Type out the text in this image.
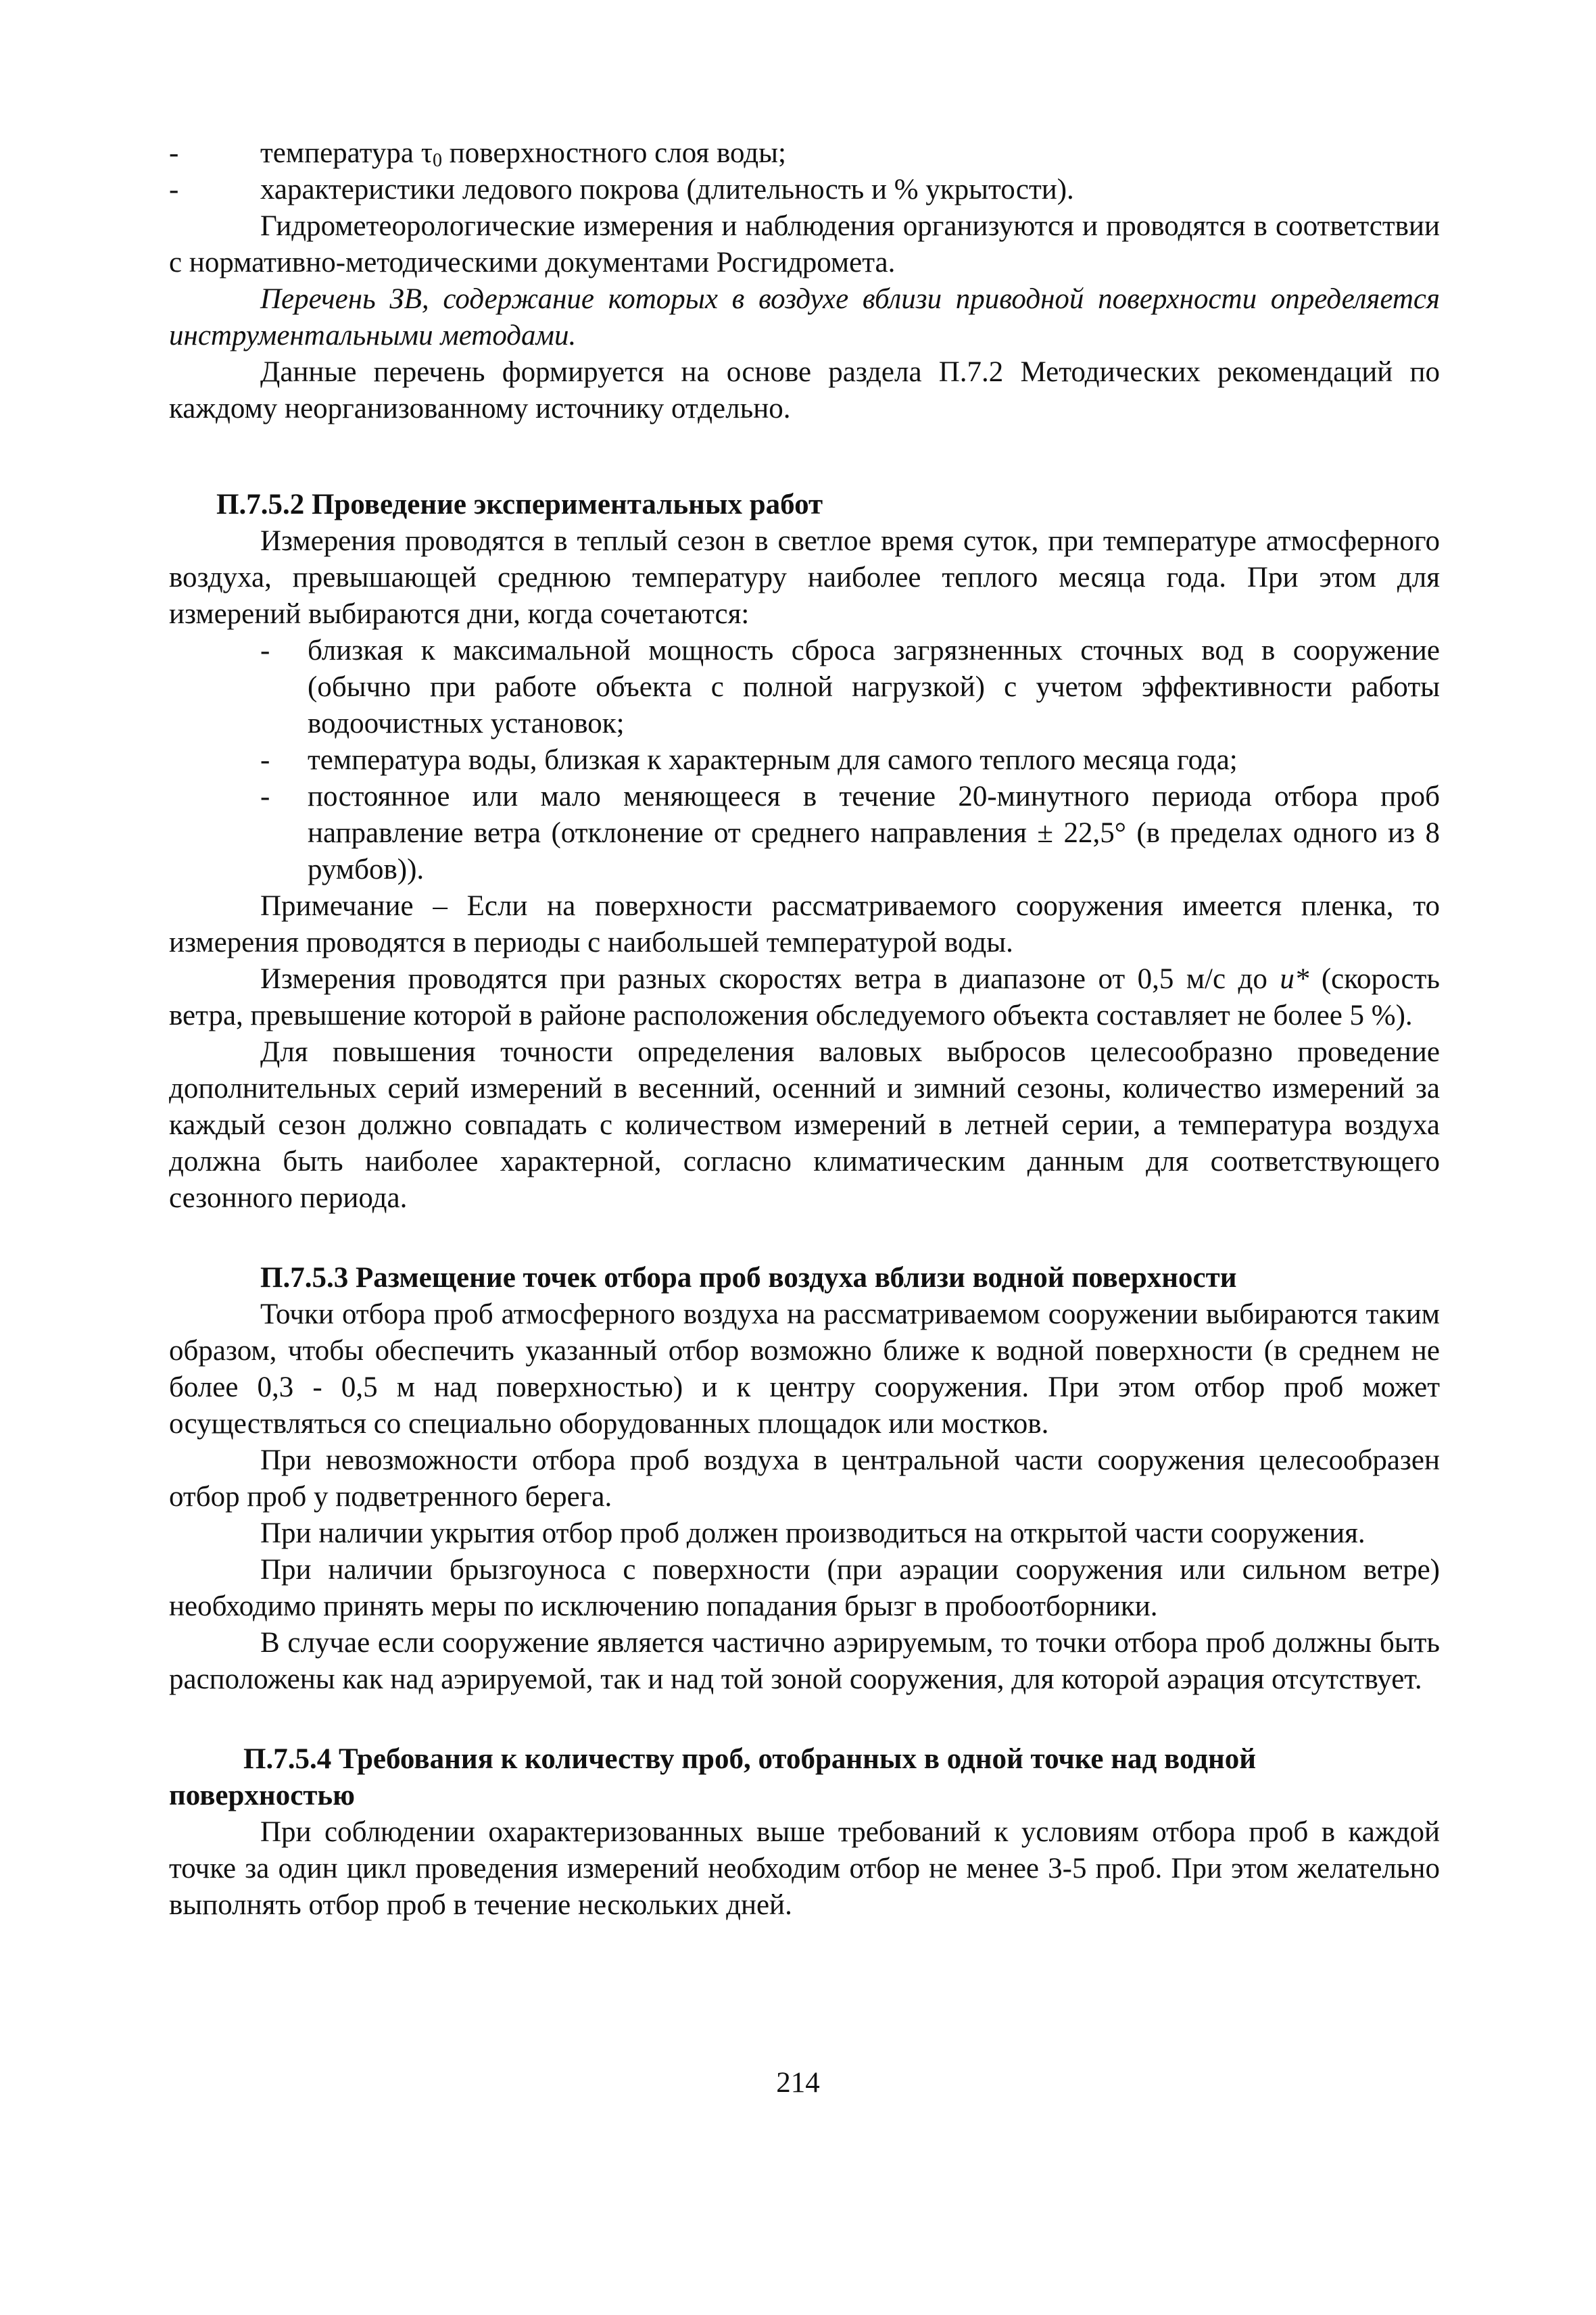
-	температура $\tau_0$ поверхностного слоя воды;

-	характеристики ледового покрова (длительность и % укрытости).

Гидрометеорологические измерения и наблюдения организуются и проводятся в соответствии с нормативно-методическими документами Росгидромета.

Перечень ЗВ, содержание которых в воздухе вблизи приводной поверхности определяется инструментальными методами.

Данные перечень формируется на основе раздела П.7.2 Методических рекомендаций по каждому неорганизованному источнику отдельно.

П.7.5.2 Проведение экспериментальных работ

Измерения проводятся в теплый сезон в светлое время суток, при температуре атмосферного воздуха, превышающей среднюю температуру наиболее теплого месяца года. При этом для измерений выбираются дни, когда сочетаются:

- близкая к максимальной мощность сброса загрязненных сточных вод в сооружение (обычно при работе объекта с полной нагрузкой) с учетом эффективности работы водоочистных установок;

- температура воды, близкая к характерным для самого теплого месяца года;

- постоянное или мало меняющееся в течение 20-минутного периода отбора проб направление ветра (отклонение от среднего направления ± 22,5° (в пределах одного из 8 румбов)).

Примечание – Если на поверхности рассматриваемого сооружения имеется пленка, то измерения проводятся в периоды с наибольшей температурой воды.

Измерения проводятся при разных скоростях ветра в диапазоне от 0,5 м/с до u* (скорость ветра, превышение которой в районе расположения обследуемого объекта составляет не более 5 %).

Для повышения точности определения валовых выбросов целесообразно проведение дополнительных серий измерений в весенний, осенний и зимний сезоны, количество измерений за каждый сезон должно совпадать с количеством измерений в летней серии, а температура воздуха должна быть наиболее характерной, согласно климатическим данным для соответствующего сезонного периода.

П.7.5.3 Размещение точек отбора проб воздуха вблизи водной поверхности

Точки отбора проб атмосферного воздуха на рассматриваемом сооружении выбираются таким образом, чтобы обеспечить указанный отбор возможно ближе к водной поверхности (в среднем не более 0,3 - 0,5 м над поверхностью) и к центру сооружения. При этом отбор проб может осуществляться со специально оборудованных площадок или мостков.

При невозможности отбора проб воздуха в центральной части сооружения целесообразен отбор проб у подветренного берега.

При наличии укрытия отбор проб должен производиться на открытой части сооружения.

При наличии брызгоуноса с поверхности (при аэрации сооружения или сильном ветре) необходимо принять меры по исключению попадания брызг в пробоотборники.

В случае если сооружение является частично аэрируемым, то точки отбора проб должны быть расположены как над аэрируемой, так и над той зоной сооружения, для которой аэрация отсутствует.

П.7.5.4 Требования к количеству проб, отобранных в одной точке над водной поверхностью

При соблюдении охарактеризованных выше требований к условиям отбора проб в каждой точке за один цикл проведения измерений необходим отбор не менее 3-5 проб. При этом желательно выполнять отбор проб в течение нескольких дней.

214
